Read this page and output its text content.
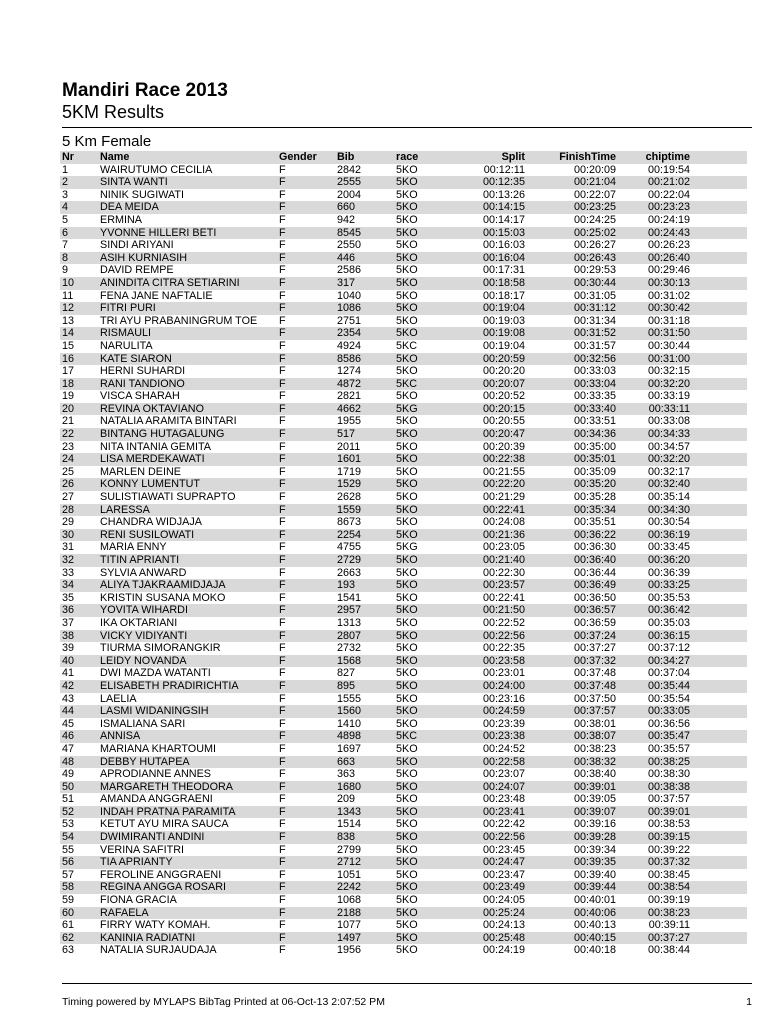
Mandiri Race 2013
5KM Results
5 Km Female
Nr Name	Gender Bib	race	Split	FinishTime	chiptime
1	WAIRUTUMO CECILIA	F	2842	5KO	00:12:11	00:20:09	00:19:54
2	SINTA WANTI	F	2555	5KO	00:12:35	00:21:04	00:21:02
3	NINIK SUGIWATI	F	2004	5KO	00:13:26	00:22:07	00:22:04
4	DEA MEIDA	F	660	5KO	00:14:15	00:23:25	00:23:23
5	ERMINA	F	942	5KO	00:14:17	00:24:25	00:24:19
6	YVONNE HILLERI BETI	F	8545	5KO	00:15:03	00:25:02	00:24:43
7	SINDI ARIYANI	F	2550	5KO	00:16:03	00:26:27	00:26:23
8	ASIH KURNIASIH	F	446	5KO	00:16:04	00:26:43	00:26:40
9	DAVID REMPE	F	2586	5KO	00:17:31	00:29:53	00:29:46
10 ANINDITA CITRA SETIARINI	F	317	5KO	00:18:58	00:30:44	00:30:13
11 FENA JANE NAFTALIE	F	1040	5KO	00:18:17	00:31:05	00:31:02
12 FITRI PURI	F	1086	5KO	00:19:04	00:31:12	00:30:42
13 TRI AYU PRABANINGRUM TOE F	2751	5KO	00:19:03	00:31:34	00:31:18
14 RISMAULI	F	2354	5KO	00:19:08	00:31:52	00:31:50
15 NARULITA	F	4924	5KC	00:19:04	00:31:57	00:30:44
16 KATE SIARON	F	8586	5KO	00:20:59	00:32:56	00:31:00
17 HERNI SUHARDI	F	1274	5KO	00:20:20	00:33:03	00:32:15
18 RANI TANDIONO	F	4872	5KC	00:20:07	00:33:04	00:32:20
19 VISCA SHARAH	F	2821	5KO	00:20:52	00:33:35	00:33:19
20 REVINA OKTAVIANO	F	4662	5KG	00:20:15	00:33:40	00:33:11
21 NATALIA ARAMITA BINTARI	F	1955	5KO	00:20:55	00:33:51	00:33:08
22 BINTANG HUTAGALUNG	F	517	5KO	00:20:47	00:34:36	00:34:33
23 NITA INTANIA GEMITA	F	2011	5KO	00:20:39	00:35:00	00:34:57
24 LISA MERDEKAWATI	F	1601	5KO	00:22:38	00:35:01	00:32:20
25 MARLEN DEINE	F	1719	5KO	00:21:55	00:35:09	00:32:17
26 KONNY LUMENTUT	F	1529	5KO	00:22:20	00:35:20	00:32:40
27 SULISTIAWATI SUPRAPTO	F	2628	5KO	00:21:29	00:35:28	00:35:14
28 LARESSA	F	1559	5KO	00:22:41	00:35:34	00:34:30
29 CHANDRA WIDJAJA	F	8673	5KO	00:24:08	00:35:51	00:30:54
30 RENI SUSILOWATI	F	2254	5KO	00:21:36	00:36:22	00:36:19
31 MARIA ENNY	F	4755	5KG	00:23:05	00:36:30	00:33:45
32 TITIN APRIANTI	F	2729	5KO	00:21:40	00:36:40	00:36:20
33 SYLVIA ANWARD	F	2663	5KO	00:22:30	00:36:44	00:36:39
34 ALIYA TJAKRAAMIDJAJA	F	193	5KO	00:23:57	00:36:49	00:33:25
35 KRISTIN SUSANA MOKO	F	1541	5KO	00:22:41	00:36:50	00:35:53
36 YOVITA WIHARDI	F	2957	5KO	00:21:50	00:36:57	00:36:42
37 IKA OKTARIANI	F	1313	5KO	00:22:52	00:36:59	00:35:03
38 VICKY VIDIYANTI	F	2807	5KO	00:22:56	00:37:24	00:36:15
39 TIURMA SIMORANGKIR	F	2732	5KO	00:22:35	00:37:27	00:37:12
40 LEIDY NOVANDA	F	1568	5KO	00:23:58	00:37:32	00:34:27
41 DWI MAZDA WATANTI	F	827	5KO	00:23:01	00:37:48	00:37:04
42 ELISABETH PRADIRICHTIA	F	895	5KO	00:24:00	00:37:48	00:35:44
43 LAELIA	F	1555	5KO	00:23:16	00:37:50	00:35:54
44 LASMI WIDANINGSIH	F	1560	5KO	00:24:59	00:37:57	00:33:05
45 ISMALIANA SARI	F	1410	5KO	00:23:39	00:38:01	00:36:56
46 ANNISA	F	4898	5KC	00:23:38	00:38:07	00:35:47
47 MARIANA KHARTOUMI	F	1697	5KO	00:24:52	00:38:23	00:35:57
48 DEBBY HUTAPEA	F	663	5KO	00:22:58	00:38:32	00:38:25
49 APRODIANNE ANNES	F	363	5KO	00:23:07	00:38:40	00:38:30
50 MARGARETH THEODORA	F	1680	5KO	00:24:07	00:39:01	00:38:38
51 AMANDA ANGGRAENI	F	209	5KO	00:23:48	00:39:05	00:37:57
52 INDAH PRATNA PARAMITA	F	1343	5KO	00:23:41	00:39:07	00:39:01
53 KETUT AYU MIRA SAUCA	F	1514	5KO	00:22:42	00:39:16	00:38:53
54 DWIMIRANTI ANDINI	F	838	5KO	00:22:56	00:39:28	00:39:15
55 VERINA SAFITRI	F	2799	5KO	00:23:45	00:39:34	00:39:22
56 TIA APRIANTY	F	2712	5KO	00:24:47	00:39:35	00:37:32
57 FEROLINE ANGGRAENI	F	1051	5KO	00:23:47	00:39:40	00:38:45
58 REGINA ANGGA ROSARI	F	2242	5KO	00:23:49	00:39:44	00:38:54
59 FIONA GRACIA	F	1068	5KO	00:24:05	00:40:01	00:39:19
60 RAFAELA	F	2188	5KO	00:25:24	00:40:06	00:38:23
61 FIRRY WATY KOMAH.	F	1077	5KO	00:24:13	00:40:13	00:39:11
62 KANINIA RADIATNI	F	1497	5KO	00:25:48	00:40:15	00:37:27
63 NATALIA SURJAUDAJA	F	1956	5KO	00:24:19	00:40:18	00:38:44
Timing powered by MYLAPS BibTag Printed at 06-Oct-13 2:07:52 PM	1
